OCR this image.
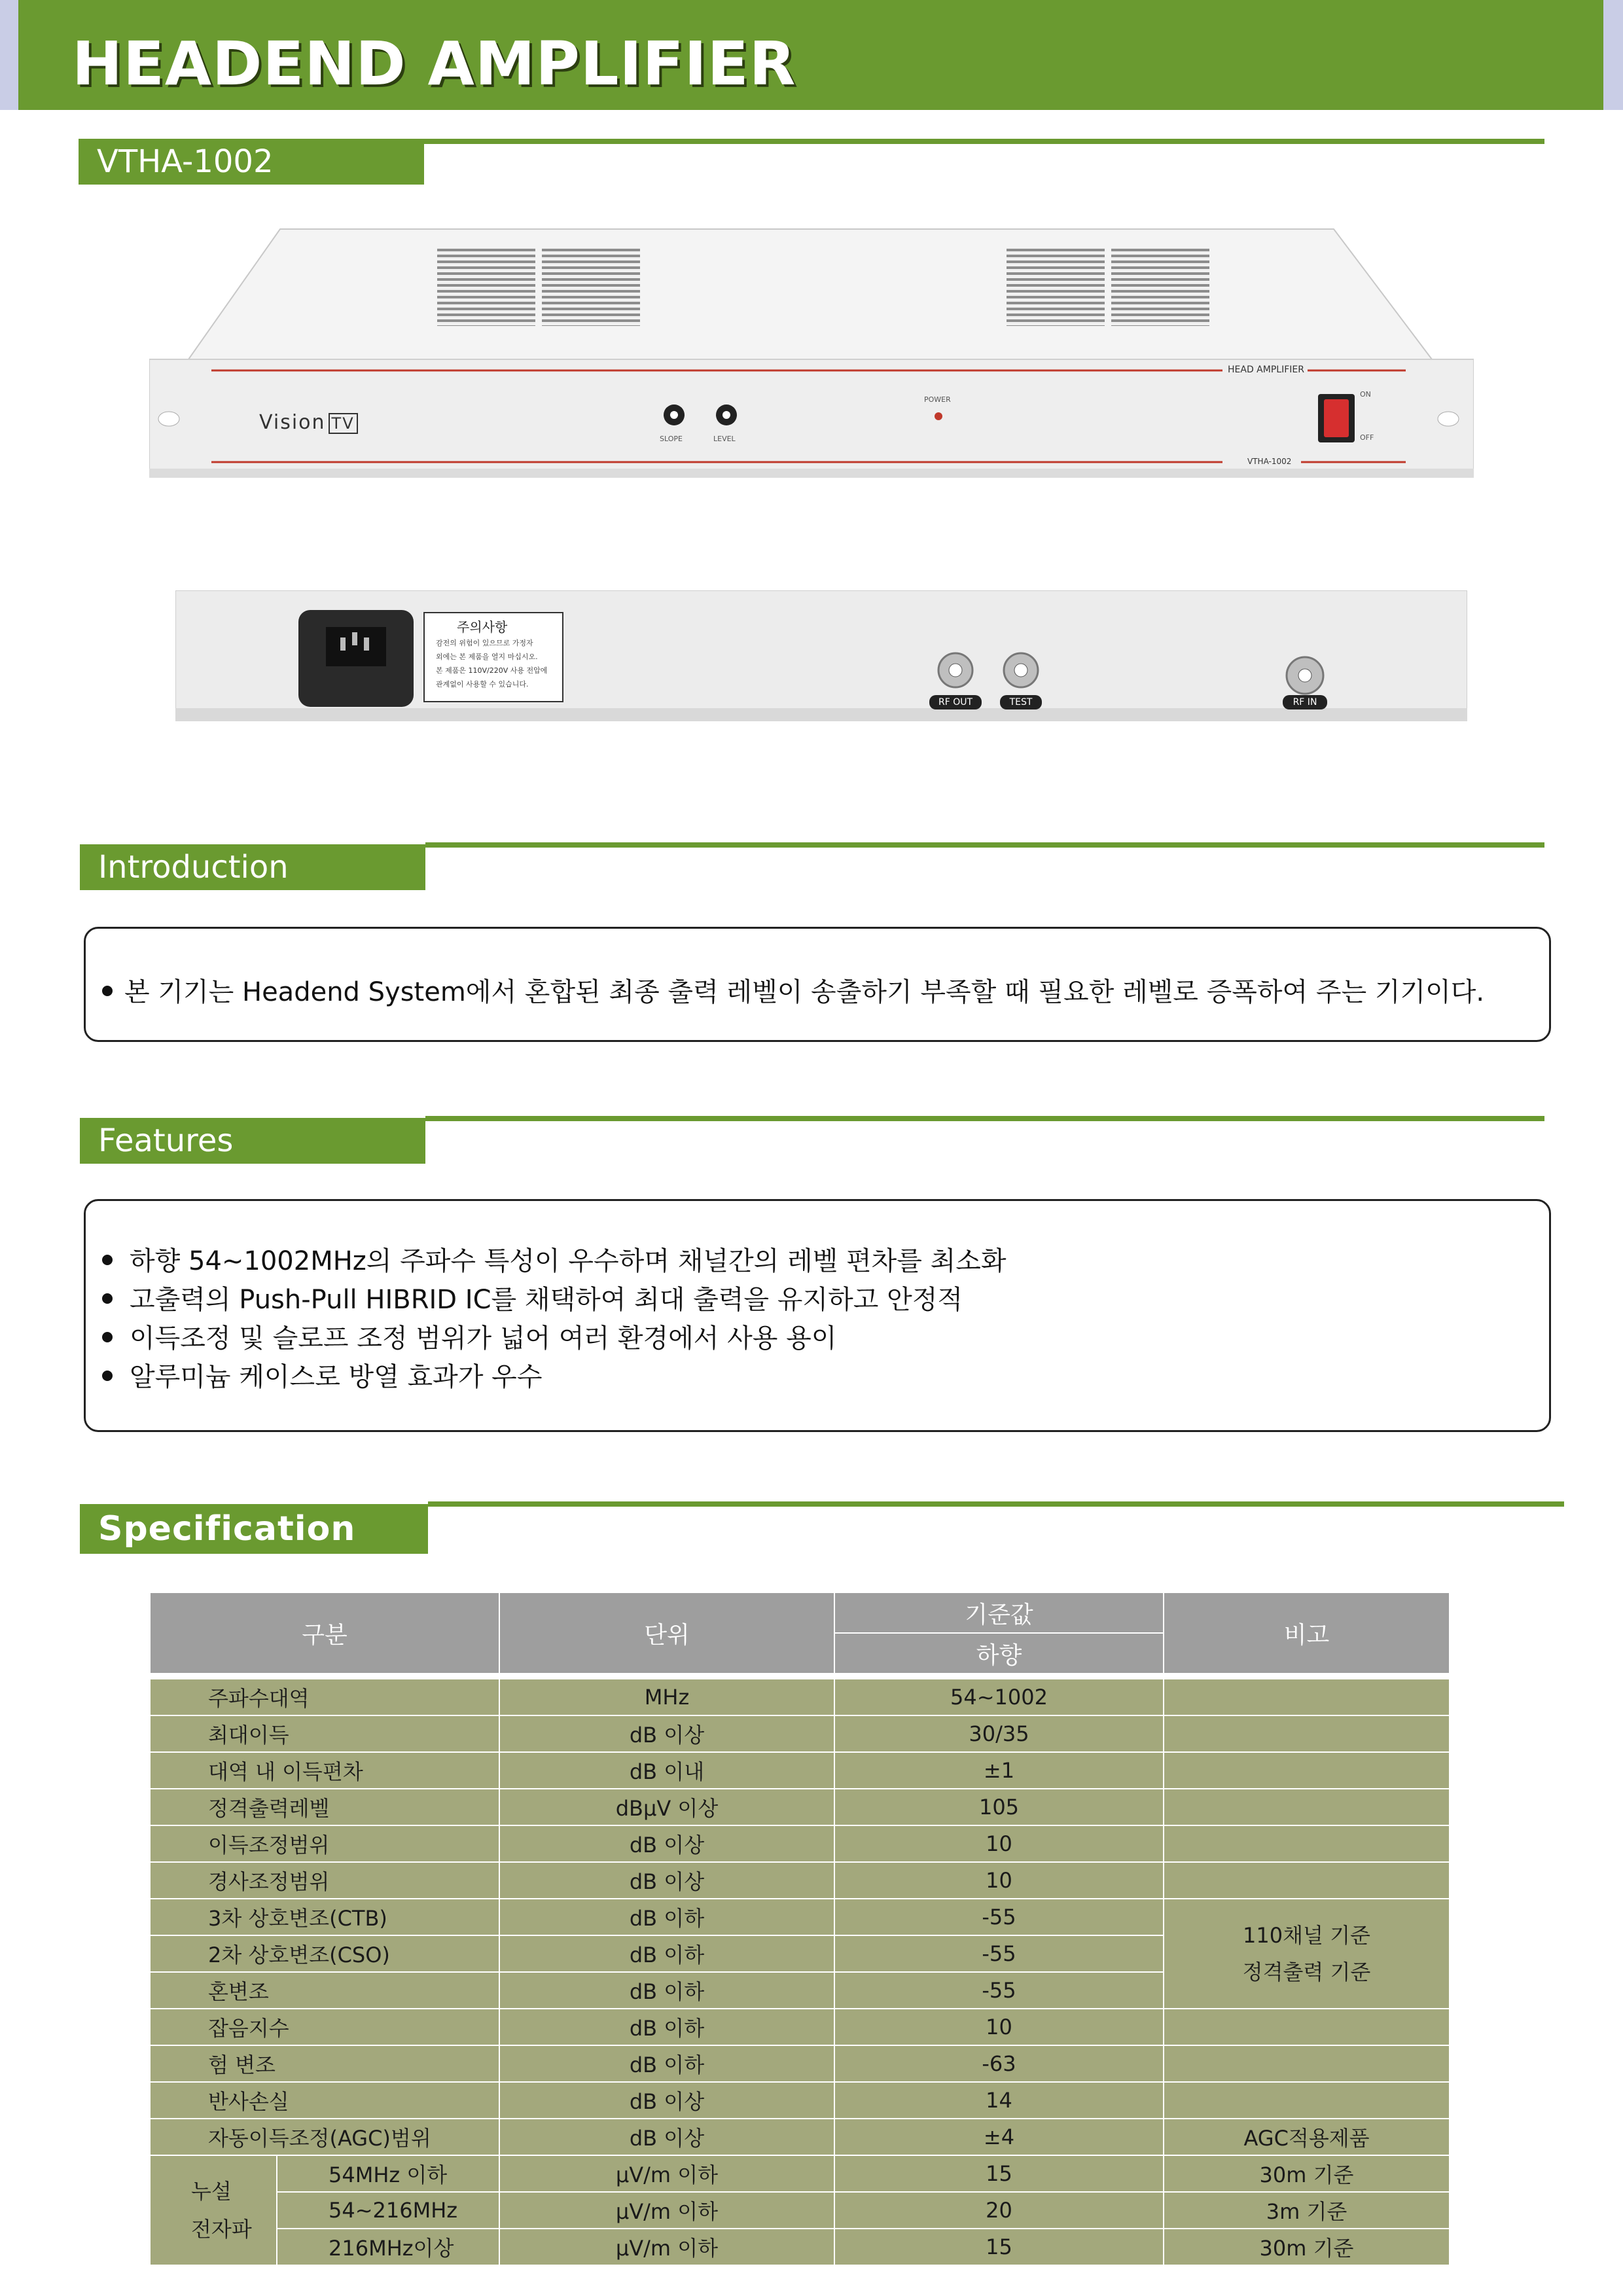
HEADEND AMPLIFIER
VTHA-1002
Vision TV
HEAD AMPLIFIER
VTHA-1002
SLOPE	LEVEL
POWER
ON
OFF
주의사항
감전의 위험이 있으므로 가정자
외에는 본 제품을 열지 마십시오.
본 제품은 110V/220V 사용 전압에
관계없이 사용할 수 있습니다.
RF OUT	TEST	RF IN
Introduction
본 기기는 Headend System에서 혼합된 최종 출력 레벨이 송출하기 부족할 때 필요한 레벨로 증폭하여 주는 기기이다.
Features
하향 54~1002MHz의 주파수 특성이 우수하며 채널간의 레벨 편차를 최소화
고출력의 Push-Pull HIBRID IC를 채택하여 최대 출력을 유지하고 안정적
이득조정 및 슬로프 조정 범위가 넓어 여러 환경에서 사용 용이
알루미늄 케이스로 방열 효과가 우수
Specification
구분		단위	기준값	비고
			하향	

주파수대역		MHz	54~1002	
최대이득		dB 이상	30/35	
대역 내 이득편차		dB 이내	±1	
정격출력레벨		dBμV 이상	105	
이득조정범위		dB 이상	10	
경사조정범위		dB 이상	10	
3차 상호변조(CTB)		dB 이하	-55	110채널 기준
정격출력 기준

2차 상호변조(CSO)		dB 이하	-55	
혼변조		dB 이하	-55	
잡음지수		dB 이하	10	
험 변조		dB 이하	-63	
반사손실		dB 이상	14	
자동이득조정(AGC)범위		dB 이상	±4	AGC적용제품

누설
전자파	54MHz 이하	μV/m 이하	15	30m 기준
	54~216MHz	μV/m 이하	20	3m 기준
	216MHz이상	μV/m 이하	15	30m 기준
